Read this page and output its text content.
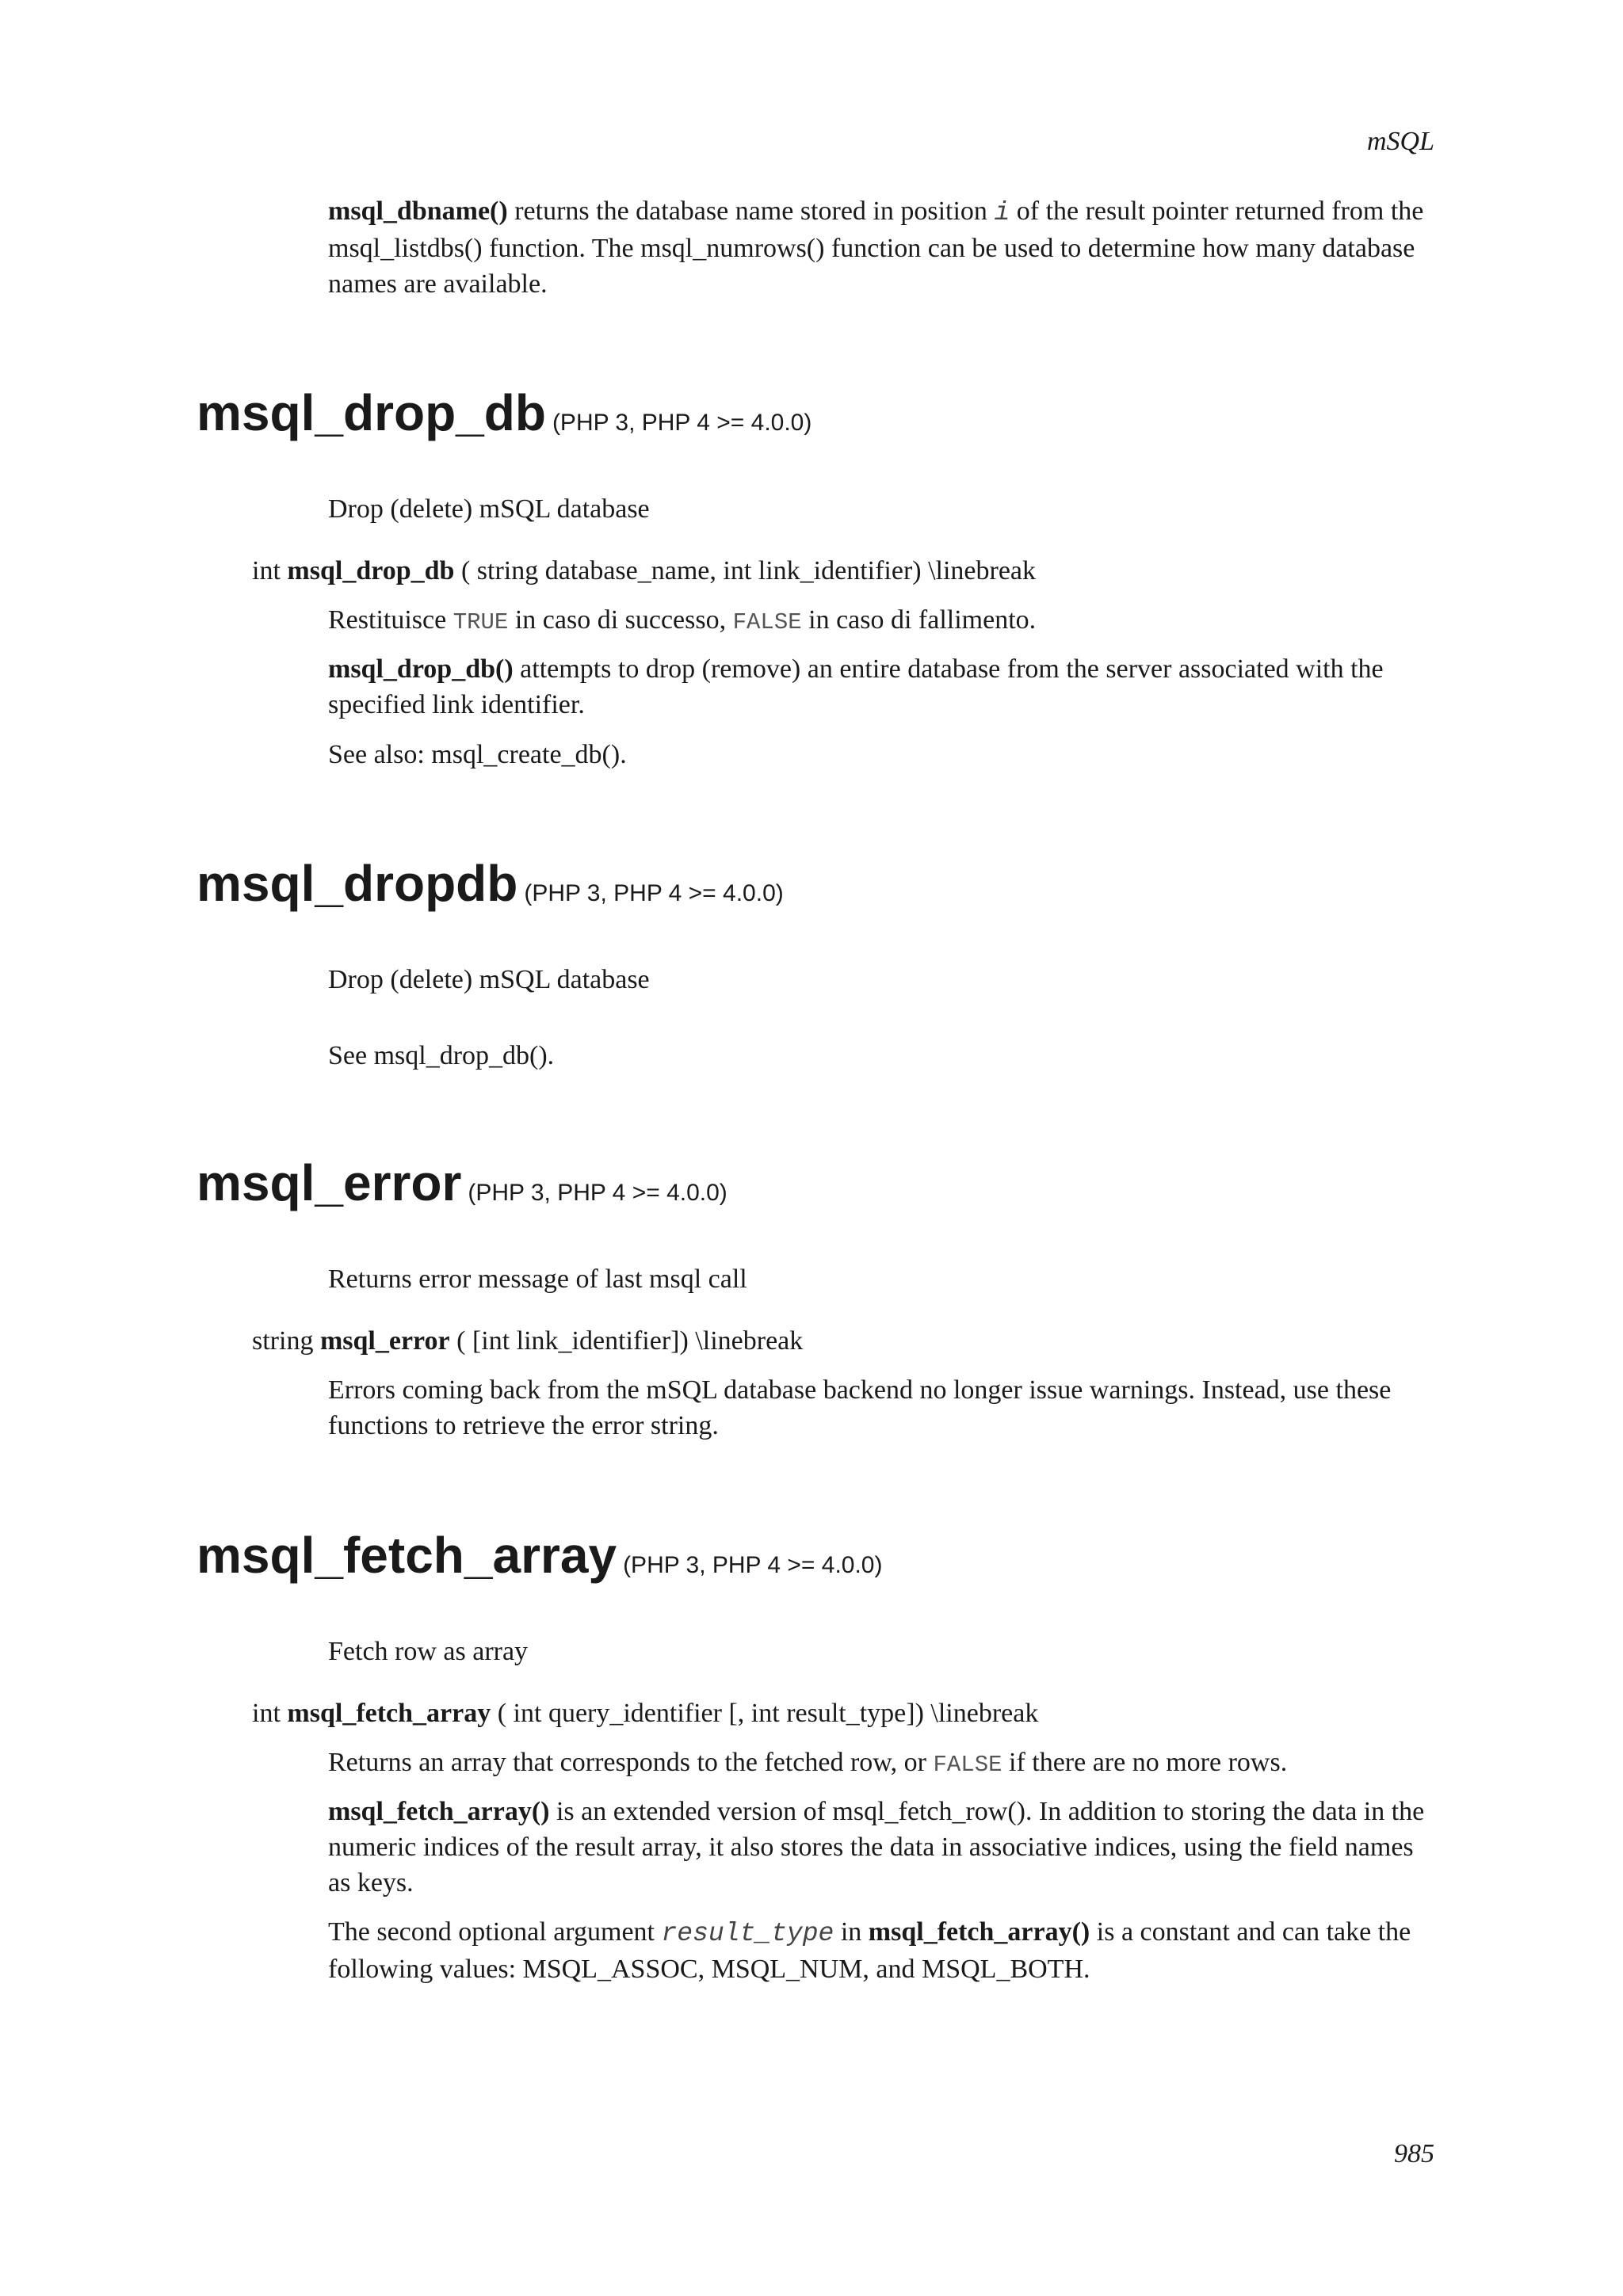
mSQL

msql_dbname() returns the database name stored in position i of the result pointer returned from the msql_listdbs() function. The msql_numrows() function can be used to determine how many database names are available.

msql_drop_db (PHP 3, PHP 4 >= 4.0.0)

Drop (delete) mSQL database

int msql_drop_db ( string database_name, int link_identifier) \linebreak

Restituisce TRUE in caso di successo, FALSE in caso di fallimento.

msql_drop_db() attempts to drop (remove) an entire database from the server associated with the specified link identifier.

See also: msql_create_db().

msql_dropdb (PHP 3, PHP 4 >= 4.0.0)

Drop (delete) mSQL database

See msql_drop_db().

msql_error (PHP 3, PHP 4 >= 4.0.0)

Returns error message of last msql call

string msql_error ( [int link_identifier]) \linebreak

Errors coming back from the mSQL database backend no longer issue warnings. Instead, use these functions to retrieve the error string.

msql_fetch_array (PHP 3, PHP 4 >= 4.0.0)

Fetch row as array

int msql_fetch_array ( int query_identifier [, int result_type]) \linebreak

Returns an array that corresponds to the fetched row, or FALSE if there are no more rows.

msql_fetch_array() is an extended version of msql_fetch_row(). In addition to storing the data in the numeric indices of the result array, it also stores the data in associative indices, using the field names as keys.

The second optional argument result_type in msql_fetch_array() is a constant and can take the following values: MSQL_ASSOC, MSQL_NUM, and MSQL_BOTH.

985
